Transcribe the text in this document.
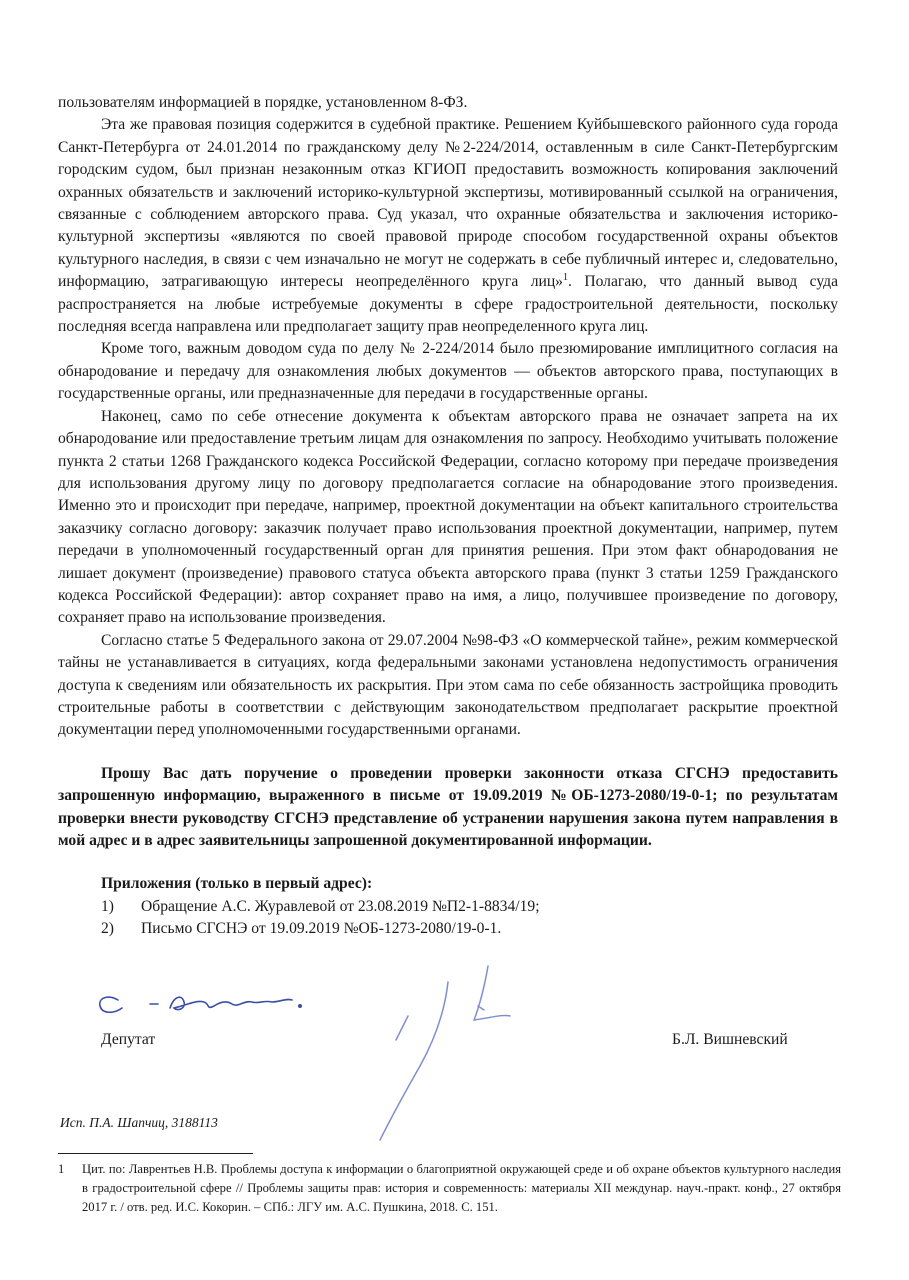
пользователям информацией в порядке, установленном 8-ФЗ.

Эта же правовая позиция содержится в судебной практике. Решением Куйбышевского районного суда города Санкт-Петербурга от 24.01.2014 по гражданскому делу №2-224/2014, оставленным в силе Санкт-Петербургским городским судом, был признан незаконным отказ КГИОП предоставить возможность копирования заключений охранных обязательств и заключений историко-культурной экспертизы, мотивированный ссылкой на ограничения, связанные с соблюдением авторского права. Суд указал, что охранные обязательства и заключения историко-культурной экспертизы «являются по своей правовой природе способом государственной охраны объектов культурного наследия, в связи с чем изначально не могут не содержать в себе публичный интерес и, следовательно, информацию, затрагивающую интересы неопределённого круга лиц»$^1$. Полагаю, что данный вывод суда распространяется на любые истребуемые документы в сфере градостроительной деятельности, поскольку последняя всегда направлена или предполагает защиту прав неопределенного круга лиц.

Кроме того, важным доводом суда по делу № 2-224/2014 было презюмирование имплицитного согласия на обнародование и передачу для ознакомления любых документов — объектов авторского права, поступающих в государственные органы, или предназначенные для передачи в государственные органы.

Наконец, само по себе отнесение документа к объектам авторского права не означает запрета на их обнародование или предоставление третьим лицам для ознакомления по запросу. Необходимо учитывать положение пункта 2 статьи 1268 Гражданского кодекса Российской Федерации, согласно которому при передаче произведения для использования другому лицу по договору предполагается согласие на обнародование этого произведения. Именно это и происходит при передаче, например, проектной документации на объект капитального строительства заказчику согласно договору: заказчик получает право использования проектной документации, например, путем передачи в уполномоченный государственный орган для принятия решения. При этом факт обнародования не лишает документ (произведение) правового статуса объекта авторского права (пункт 3 статьи 1259 Гражданского кодекса Российской Федерации): автор сохраняет право на имя, а лицо, получившее произведение по договору, сохраняет право на использование произведения.

Согласно статье 5 Федерального закона от 29.07.2004 №98-ФЗ «О коммерческой тайне», режим коммерческой тайны не устанавливается в ситуациях, когда федеральными законами установлена недопустимость ограничения доступа к сведениям или обязательность их раскрытия. При этом сама по себе обязанность застройщика проводить строительные работы в соответствии с действующим законодательством предполагает раскрытие проектной документации перед уполномоченными государственными органами.

Прошу Вас дать поручение о проведении проверки законности отказа СГСНЭ предоставить запрошенную информацию, выраженного в письме от 19.09.2019 №ОБ-1273-2080/19-0-1; по результатам проверки внести руководству СГСНЭ представление об устранении нарушения закона путем направления в мой адрес и в адрес заявительницы запрошенной документированной информации.

Приложения (только в первый адрес):
1)	Обращение А.С. Журавлевой от 23.08.2019 №П2-1-8834/19;
2)	Письмо СГСНЭ от 19.09.2019 №ОБ-1273-2080/19-0-1.
Депутат	Б.Л. Вишневский
Исп. П.А. Шапчиц, 3188113
1	Цит. по: Лаврентьев Н.В. Проблемы доступа к информации о благоприятной окружающей среде и об охране объектов культурного наследия в градостроительной сфере // Проблемы защиты прав: история и современность: материалы XII междунар. науч.-практ. конф., 27 октября 2017 г. / отв. ред. И.С. Кокорин. – СПб.: ЛГУ им. А.С. Пушкина, 2018. С. 151.
